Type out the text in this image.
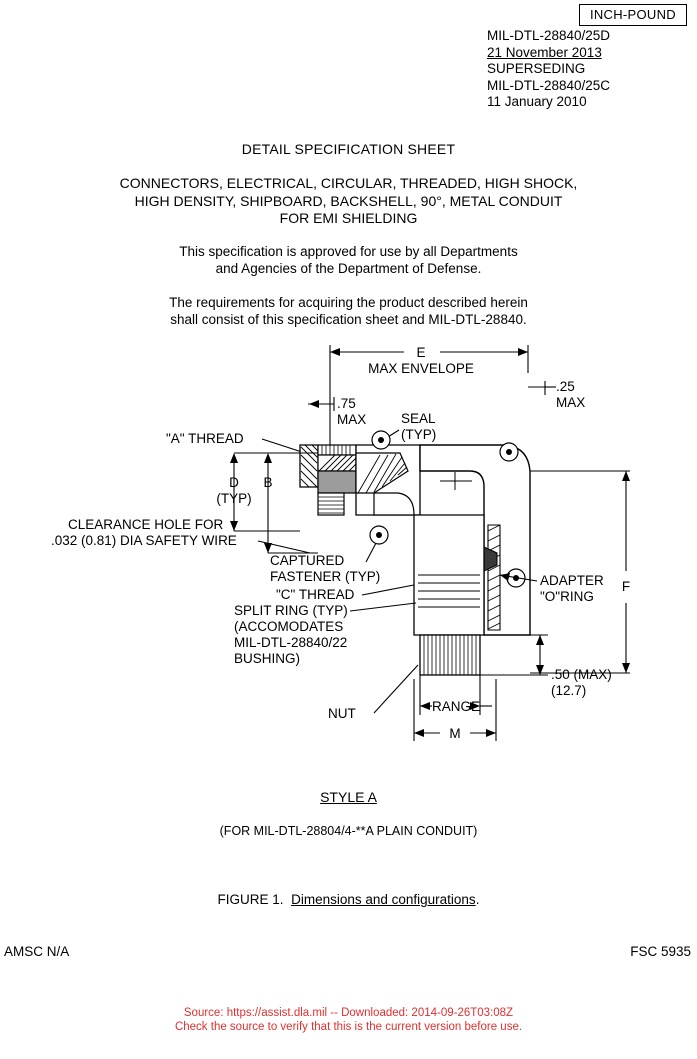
INCH-POUND
MIL-DTL-28840/25D
21 November 2013
SUPERSEDING
MIL-DTL-28840/25C
11 January 2010
DETAIL SPECIFICATION SHEET
CONNECTORS, ELECTRICAL, CIRCULAR, THREADED, HIGH SHOCK,
HIGH DENSITY, SHIPBOARD, BACKSHELL, 90°, METAL CONDUIT
FOR EMI SHIELDING
This specification is approved for use by all Departments
and Agencies of the Department of Defense.
The requirements for acquiring the product described herein
shall consist of this specification sheet and MIL-DTL-28840.
E
MAX ENVELOPE
.25
MAX
.75
MAX	SEAL
(TYP)
"A" THREAD
D
(TYP)
B
CLEARANCE HOLE FOR
.032 (0.81) DIA SAFETY WIRE
CAPTURED
FASTENER (TYP)
"C" THREAD
SPLIT RING (TYP)
(ACCOMODATES
MIL-DTL-28840/22
BUSHING)
NUT
ADAPTER
"O"RING
F
.50 (MAX)
(12.7)
RANGE
M
STYLE A
(FOR MIL-DTL-28804/4-**A PLAIN CONDUIT)
FIGURE 1. Dimensions and configurations.
AMSC N/A	FSC 5935
Source: https://assist.dla.mil -- Downloaded: 2014-09-26T03:08Z
Check the source to verify that this is the current version before use.
